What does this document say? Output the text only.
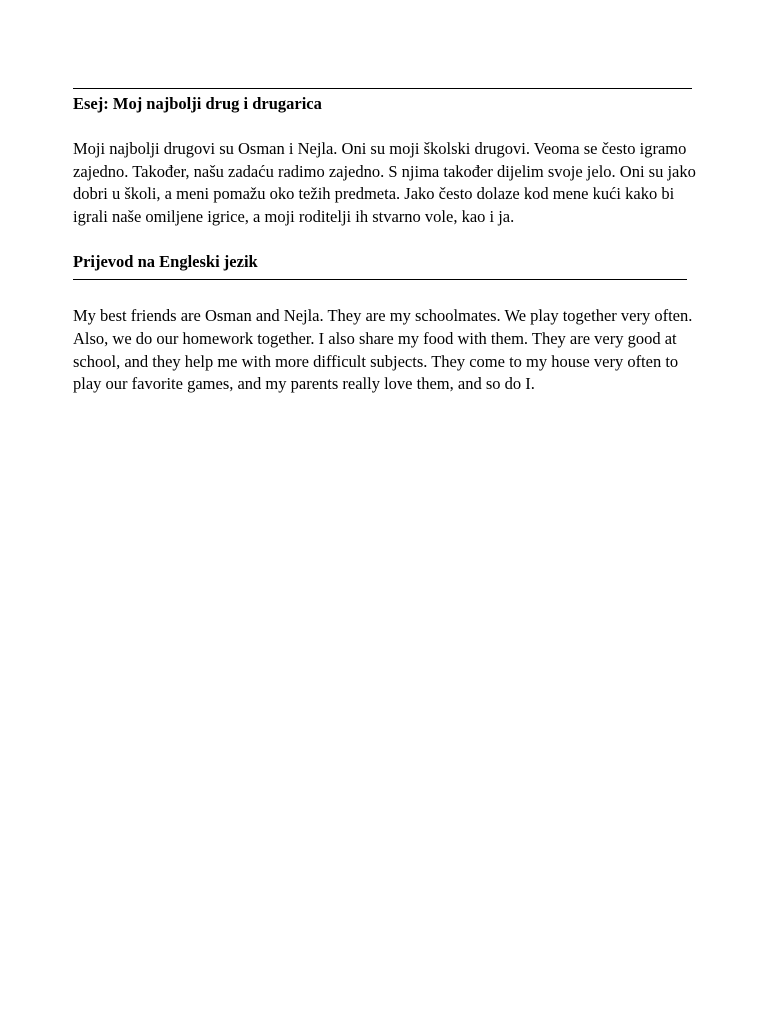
Esej: Moj najbolji drug i drugarica

Moji najbolji drugovi su Osman i Nejla. Oni su moji školski drugovi. Veoma se često igramo zajedno. Također, našu zadaću radimo zajedno. S njima također dijelim svoje jelo. Oni su jako dobri u školi, a meni pomažu oko težih predmeta. Jako često dolaze kod mene kući kako bi igrali naše omiljene igrice, a moji roditelji ih stvarno vole, kao i ja.

Prijevod na Engleski jezik

My best friends are Osman and Nejla. They are my schoolmates. We play together very often. Also, we do our homework together. I also share my food with them. They are very good at school, and they help me with more difficult subjects. They come to my house very often to play our favorite games, and my parents really love them, and so do I.
